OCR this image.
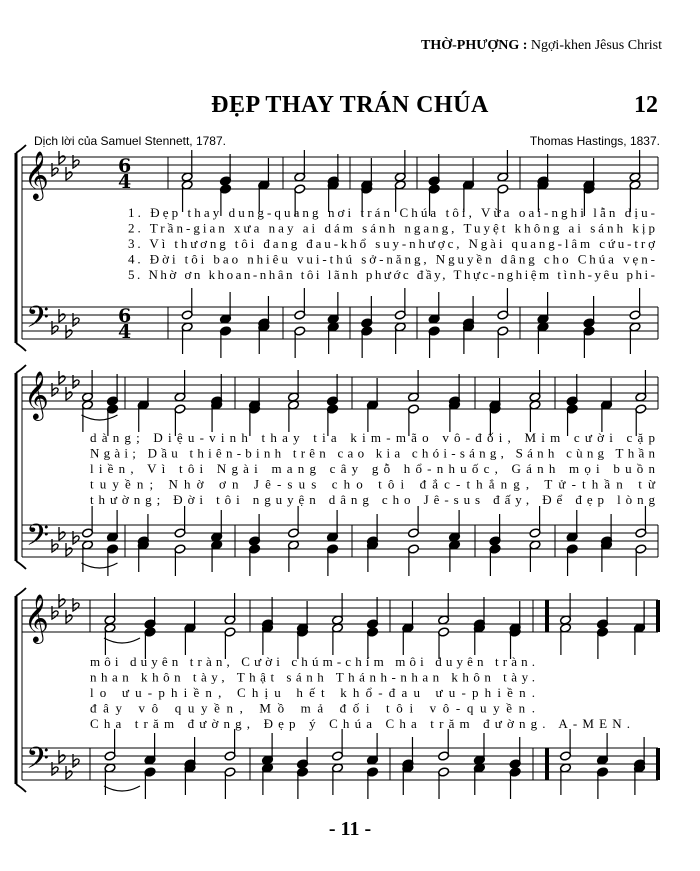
THỜ-PHƯỢNG : Ngợi-khen Jêsus Christ
ĐẸP THAY TRÁN CHÚA	12
Dịch lời của Samuel Stennett, 1787.	Thomas Hastings, 1837.
𝄞
𝄢
6
4
6
4
1. Đẹp thay dung-quang nơi trán Chúa tôi, Vừa oai-nghi lẫn dịu-
2. Trần-gian xưa nay ai dám sánh ngang, Tuyệt không ai sánh kịp
3. Vì thương tôi đang đau-khổ suy-nhược, Ngài quang-lâm cứu-trợ
4. Đời tôi bao nhiêu vui-thú sở-năng, Nguyền dâng cho Chúa vẹn-
5. Nhờ ơn khoan-nhân tôi lãnh phước đầy, Thực-nghiệm tình-yêu phi-
𝄞
𝄢
dàng; Diệu-vinh thay tia kim-mão vô-đối, Mỉm cười cặp
Ngài; Dầu thiên-binh trên cao kia chói-sáng, Sánh cùng Thần
liền, Vì tôi Ngài mang cây gỗ hổ-nhuốc, Gánh mọi buồn
tuyền; Nhờ ơn Jê-sus cho tôi đắc-thắng, Tử-thần từ
thường; Đời tôi nguyện dâng cho Jê-sus đấy, Để đẹp lòng
𝄞
𝄢
môi duyên tràn, Cười chúm-chím môi duyên tràn.
nhan khôn tày, Thật sánh Thánh-nhan khôn tày.
lo ưu-phiền, Chịu hết khổ-đau ưu-phiền.
đây vô quyền, Mồ mả đối tôi vô-quyền.
Cha trăm đường, Đẹp ý Chúa Cha trăm đường. A-MEN.
- 11 -
